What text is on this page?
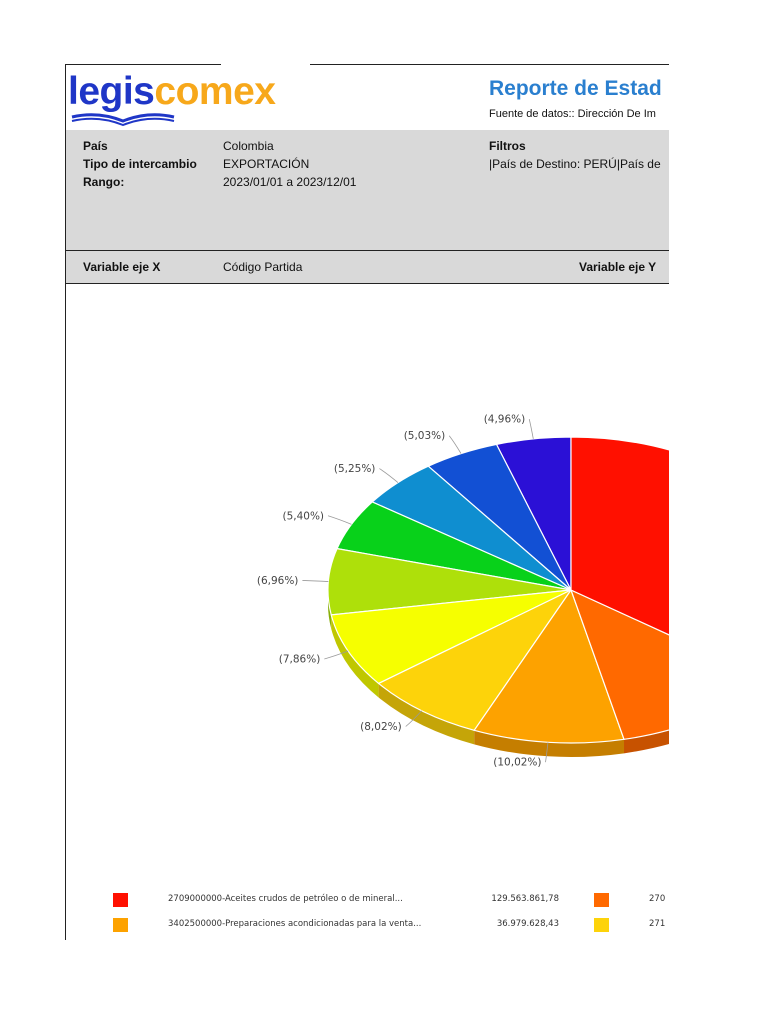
legiscomex	Reporte de Estad
Fuente de datos:: Dirección De Im
País	Colombia
Tipo de intercambio EXPORTACIÓN
Rango:	2023/01/01 a 2023/12/01
Filtros
|País de Destino: PERÚ|País de
Variable eje X	Código Partida	Variable eje Y
(4,96%)
(5,03%)
(5,25%)
(5,40%)
(6,96%)
(7,86%)
(8,02%)
(10,02%)
2709000000-Aceites crudos de petróleo o de mineral...	129.563.861,78	270
3402500000-Preparaciones acondicionadas para la venta...	36.979.628,43	271
